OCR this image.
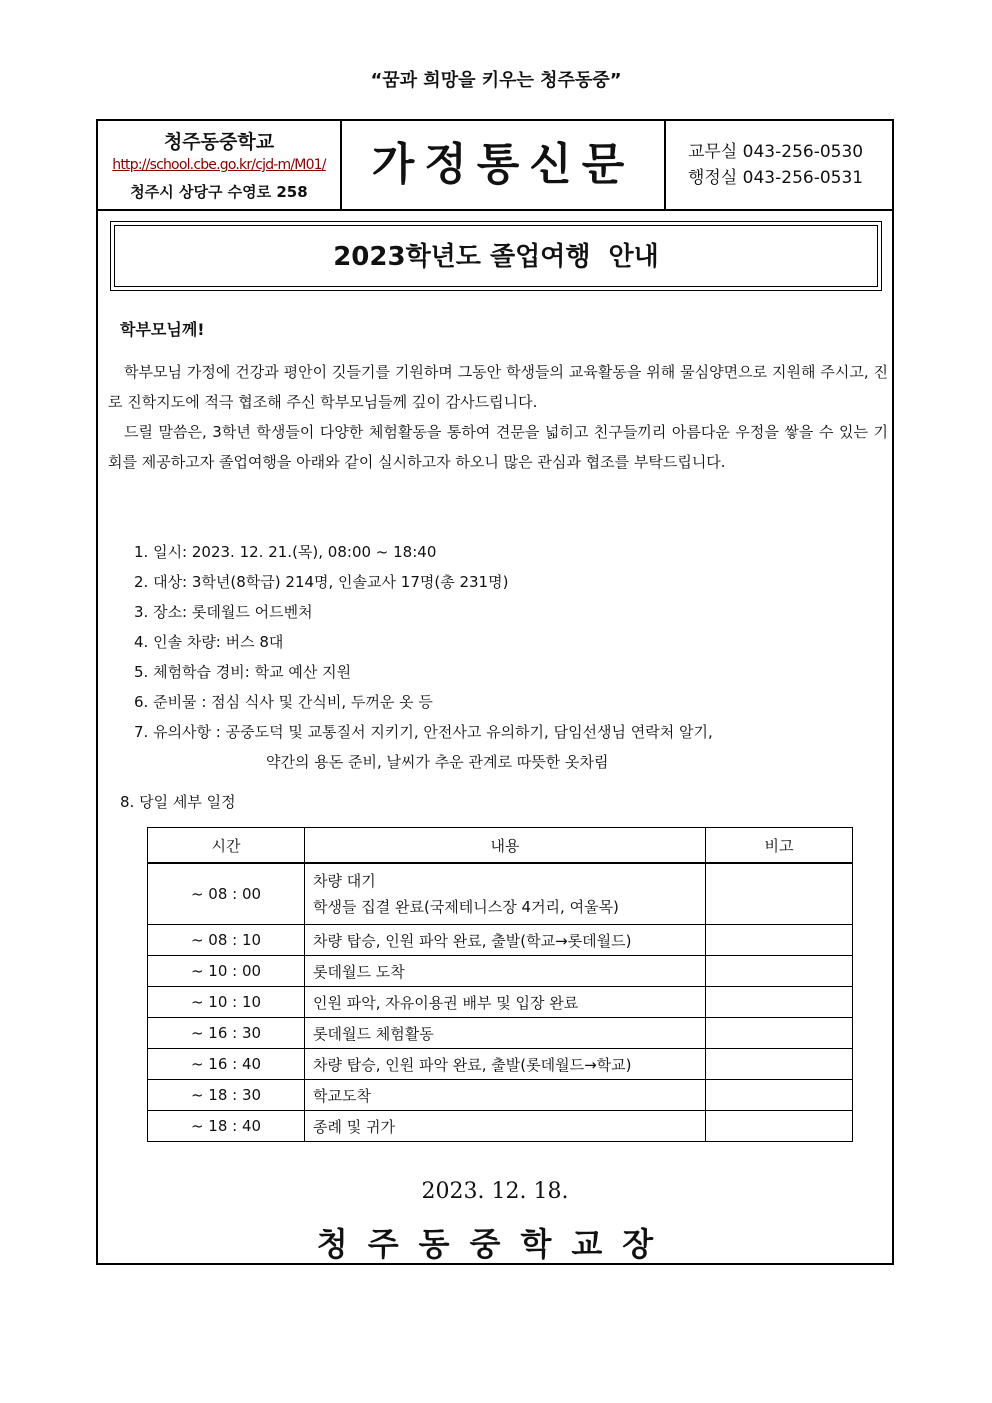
“꿈과 희망을 키우는 청주동중”
청주동중학교
http://school.cbe.go.kr/cjd-m/M01/
청주시 상당구 수영로 258
가정통신문	교무실 043-256-0530
행정실 043-256-0531
2023학년도 졸업여행  안내
학부모님께!
학부모님 가정에 건강과 평안이 깃들기를 기원하며 그동안 학생들의 교육활동을 위해 물심양면으로 지원해 주시고, 진로 진학지도에 적극 협조해 주신 학부모님들께 깊이 감사드립니다.
드릴 말씀은, 3학년 학생들이 다양한 체험활동을 통하여 견문을 넓히고 친구들끼리 아름다운 우정을 쌓을 수 있는 기회를 제공하고자 졸업여행을 아래와 같이 실시하고자 하오니 많은 관심과 협조를 부탁드립니다.
1. 일시: 2023. 12. 21.(목), 08:00 ~ 18:40
2. 대상: 3학년(8학급) 214명, 인솔교사 17명(총 231명)
3. 장소: 롯데월드 어드벤처
4. 인솔 차량: 버스 8대
5. 체험학습 경비: 학교 예산 지원
6. 준비물 : 점심 식사 및 간식비, 두꺼운 옷 등
7. 유의사항 : 공중도덕 및 교통질서 지키기, 안전사고 유의하기, 담임선생님 연락처 알기,
약간의 용돈 준비, 날씨가 추운 관계로 따뜻한 옷차림
8. 당일 세부 일정
시간	내용	비고
~ 08 : 00	차량 대기
학생들 집결 완료(국제테니스장 4거리, 여울목)	

~ 08 : 10	차량 탑승, 인원 파악 완료, 출발(학교→롯데월드)	
~ 10 : 00	롯데월드 도착	
~ 10 : 10	인원 파악, 자유이용권 배부 및 입장 완료	
~ 16 : 30	롯데월드 체험활동	
~ 16 : 40	차량 탑승, 인원 파악 완료, 출발(롯데월드→학교)	
~ 18 : 30	학교도착	
~ 18 : 40	종례 및 귀가	
2023. 12. 18.
청주동중학교장
